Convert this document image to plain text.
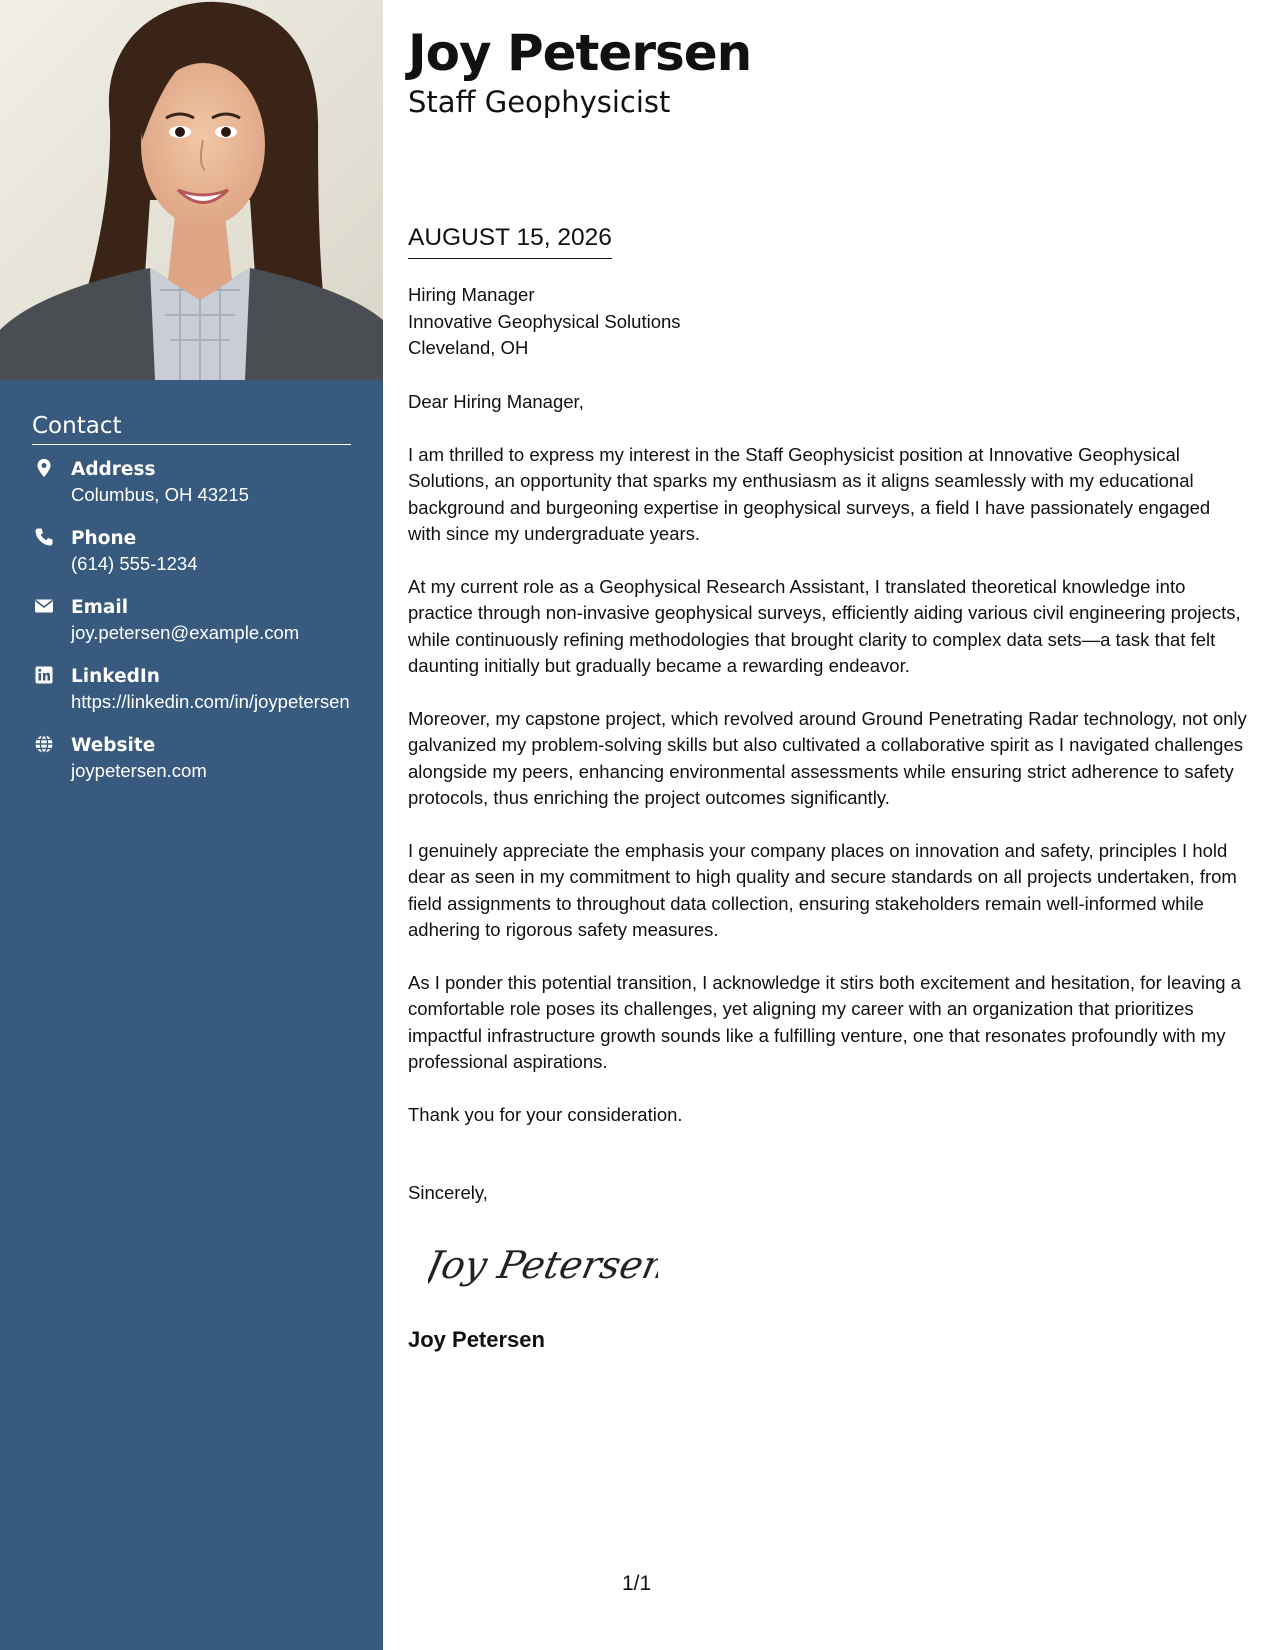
Contact
Address
Columbus, OH 43215
Phone
(614) 555-1234
Email
joy.petersen@example.com
LinkedIn
https://linkedin.com/in/joypetersen
Website
joypetersen.com
Joy Petersen
Staff Geophysicist
AUGUST 15, 2026
Hiring Manager
Innovative Geophysical Solutions
Cleveland, OH

Dear Hiring Manager,

I am thrilled to express my interest in the Staff Geophysicist position at Innovative Geophysical Solutions, an opportunity that sparks my enthusiasm as it aligns seamlessly with my educational background and burgeoning expertise in geophysical surveys, a field I have passionately engaged with since my undergraduate years.

At my current role as a Geophysical Research Assistant, I translated theoretical knowledge into practice through non-invasive geophysical surveys, efficiently aiding various civil engineering projects, while continuously refining methodologies that brought clarity to complex data sets—a task that felt daunting initially but gradually became a rewarding endeavor.

Moreover, my capstone project, which revolved around Ground Penetrating Radar technology, not only galvanized my problem-solving skills but also cultivated a collaborative spirit as I navigated challenges alongside my peers, enhancing environmental assessments while ensuring strict adherence to safety protocols, thus enriching the project outcomes significantly.

I genuinely appreciate the emphasis your company places on innovation and safety, principles I hold dear as seen in my commitment to high quality and secure standards on all projects undertaken, from field assignments to throughout data collection, ensuring stakeholders remain well-informed while adhering to rigorous safety measures.

As I ponder this potential transition, I acknowledge it stirs both excitement and hesitation, for leaving a comfortable role poses its challenges, yet aligning my career with an organization that prioritizes impactful infrastructure growth sounds like a fulfilling venture, one that resonates profoundly with my professional aspirations.

Thank you for your consideration.

Sincerely,
Joy Petersen
Joy Petersen
1/1
